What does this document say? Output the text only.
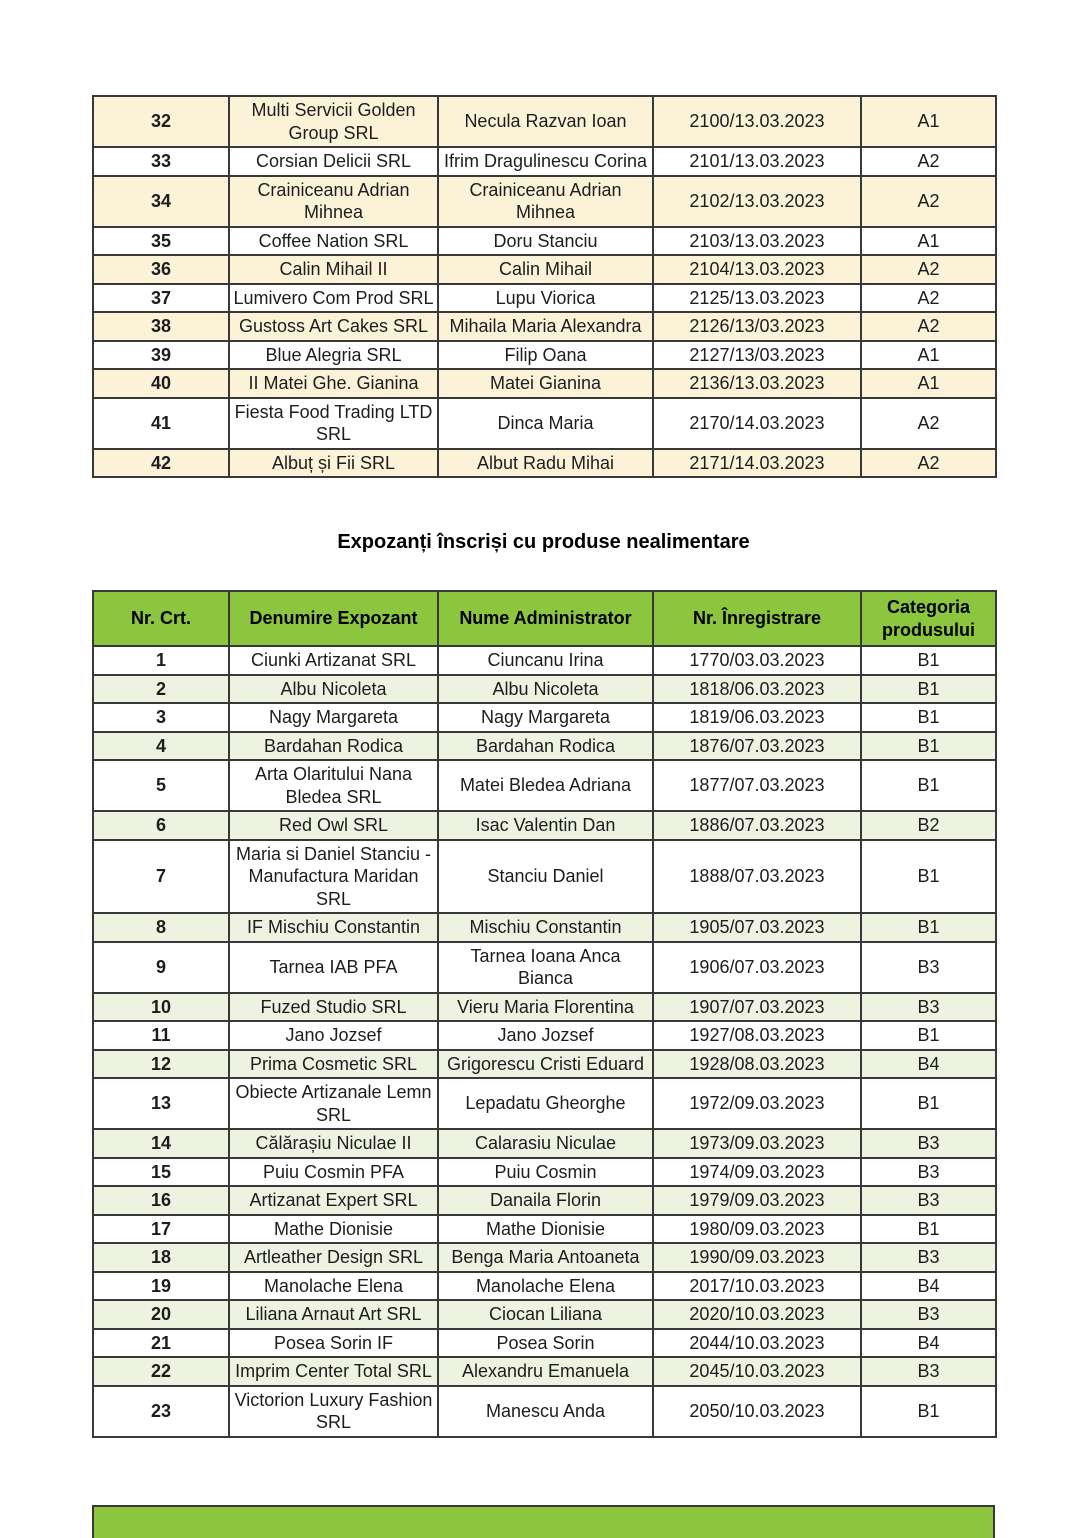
32	Multi Servicii Golden Group SRL	Necula Razvan Ioan	2100/13.03.2023	A1
33	Corsian Delicii SRL	Ifrim Dragulinescu Corina	2101/13.03.2023	A2
34	Crainiceanu Adrian Mihnea	Crainiceanu Adrian Mihnea	2102/13.03.2023	A2
35	Coffee Nation SRL	Doru Stanciu	2103/13.03.2023	A1
36	Calin Mihail II	Calin Mihail	2104/13.03.2023	A2
37	Lumivero Com Prod SRL	Lupu Viorica	2125/13.03.2023	A2
38	Gustoss Art Cakes SRL	Mihaila Maria Alexandra	2126/13/03.2023	A2
39	Blue Alegria SRL	Filip Oana	2127/13/03.2023	A1
40	II Matei Ghe. Gianina	Matei Gianina	2136/13.03.2023	A1
41	Fiesta Food Trading LTD SRL	Dinca Maria	2170/14.03.2023	A2
42	Albuț și Fii SRL	Albut Radu Mihai	2171/14.03.2023	A2
Expozanți înscriși cu produse nealimentare
Nr. Crt.	Denumire Expozant	Nume Administrator	Nr. Înregistrare	Categoria produsului
1	Ciunki Artizanat SRL	Ciuncanu Irina	1770/03.03.2023	B1
2	Albu Nicoleta	Albu Nicoleta	1818/06.03.2023	B1
3	Nagy Margareta	Nagy Margareta	1819/06.03.2023	B1
4	Bardahan Rodica	Bardahan Rodica	1876/07.03.2023	B1
5	Arta Olaritului Nana Bledea SRL	Matei Bledea Adriana	1877/07.03.2023	B1
6	Red Owl SRL	Isac Valentin Dan	1886/07.03.2023	B2
7	Maria si Daniel Stanciu - Manufactura Maridan SRL	Stanciu Daniel	1888/07.03.2023	B1
8	IF Mischiu Constantin	Mischiu Constantin	1905/07.03.2023	B1
9	Tarnea IAB PFA	Tarnea Ioana Anca Bianca	1906/07.03.2023	B3
10	Fuzed Studio SRL	Vieru Maria Florentina	1907/07.03.2023	B3
11	Jano Jozsef	Jano Jozsef	1927/08.03.2023	B1
12	Prima Cosmetic SRL	Grigorescu Cristi Eduard	1928/08.03.2023	B4
13	Obiecte Artizanale Lemn SRL	Lepadatu Gheorghe	1972/09.03.2023	B1
14	Călărașiu Niculae II	Calarasiu Niculae	1973/09.03.2023	B3
15	Puiu Cosmin PFA	Puiu Cosmin	1974/09.03.2023	B3
16	Artizanat Expert SRL	Danaila Florin	1979/09.03.2023	B3
17	Mathe Dionisie	Mathe Dionisie	1980/09.03.2023	B1
18	Artleather Design SRL	Benga Maria Antoaneta	1990/09.03.2023	B3
19	Manolache Elena	Manolache Elena	2017/10.03.2023	B4
20	Liliana Arnaut Art SRL	Ciocan Liliana	2020/10.03.2023	B3
21	Posea Sorin IF	Posea Sorin	2044/10.03.2023	B4
22	Imprim Center Total SRL	Alexandru Emanuela	2045/10.03.2023	B3
23	Victorion Luxury Fashion SRL	Manescu Anda	2050/10.03.2023	B1
